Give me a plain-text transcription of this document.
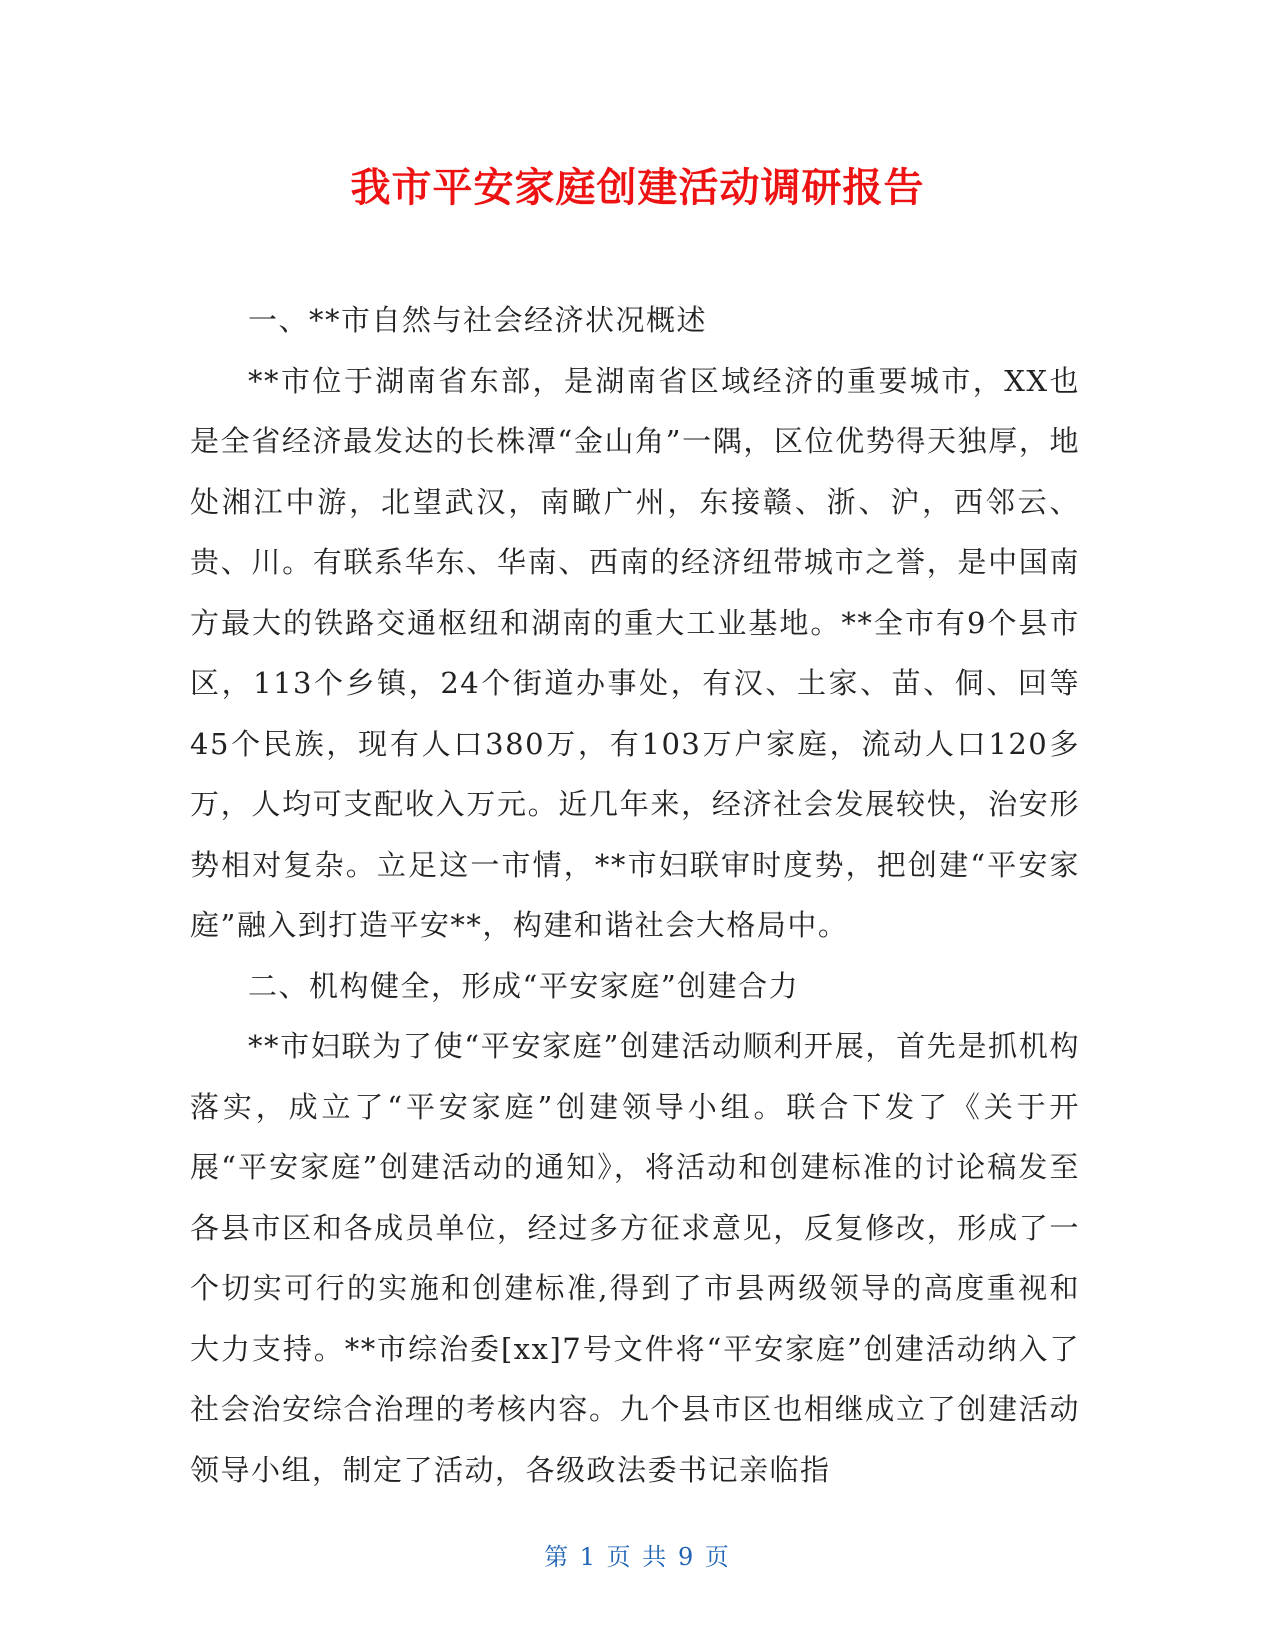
我市平安家庭创建活动调研报告

一、**市自然与社会经济状况概述

**市位于湖南省东部，是湖南省区域经济的重要城市，XX也是全省经济最发达的长株潭“金山角”一隅，区位优势得天独厚，地处湘江中游，北望武汉，南瞰广州，东接赣、浙、沪，西邻云、贵、川。有联系华东、华南、西南的经济纽带城市之誉，是中国南方最大的铁路交通枢纽和湖南的重大工业基地。**全市有9个县市区，113个乡镇，24个街道办事处，有汉、土家、苗、侗、回等45个民族，现有人口380万，有103万户家庭，流动人口120多万，人均可支配收入万元。近几年来，经济社会发展较快，治安形势相对复杂。立足这一市情，**市妇联审时度势，把创建“平安家庭”融入到打造平安**，构建和谐社会大格局中。

二、机构健全，形成“平安家庭”创建合力

**市妇联为了使“平安家庭”创建活动顺利开展，首先是抓机构落实，成立了“平安家庭”创建领导小组。联合下发了《关于开展“平安家庭”创建活动的通知》，将活动和创建标准的讨论稿发至各县市区和各成员单位，经过多方征求意见，反复修改，形成了一个切实可行的实施和创建标准,得到了市县两级领导的高度重视和大力支持。**市综治委[xx]7号文件将“平安家庭”创建活动纳入了社会治安综合治理的考核内容。九个县市区也相继成立了创建活动领导小组，制定了活动，各级政法委书记亲临指

第 1 页 共 9 页
